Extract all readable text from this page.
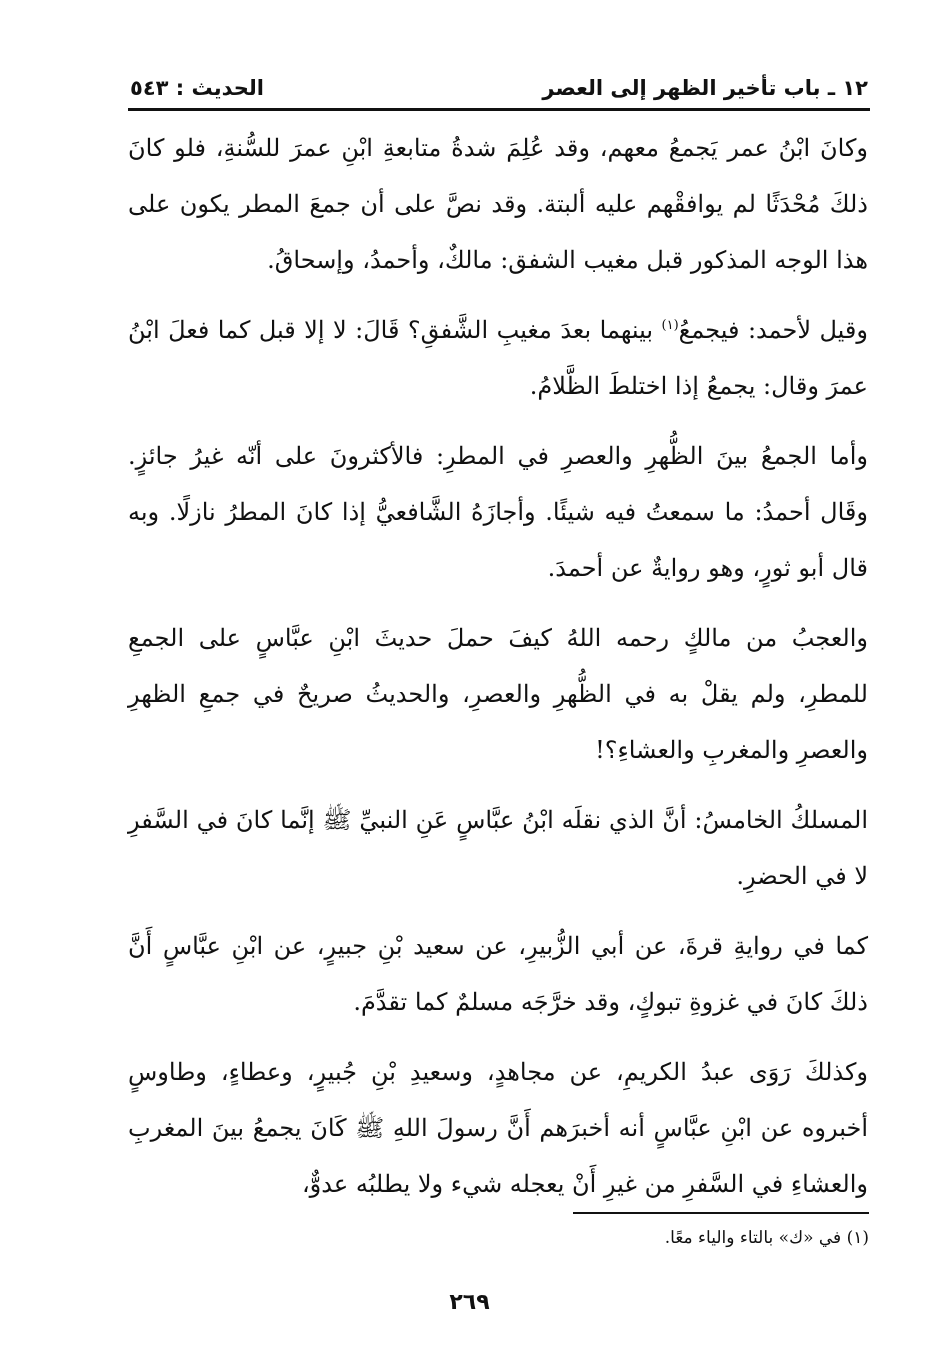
١٢ ـ باب تأخير الظهر إلى العصر
الحديث : ٥٤٣

وكانَ ابْنُ عمر يَجمعُ معهم، وقد عُلِمَ شدةُ متابعةِ ابْنِ عمرَ للسُّنةِ، فلو كانَ ذلكَ مُحْدَثًا لم يوافقْهم عليه ألبتة. وقد نصَّ على أن جمعَ المطر يكون على هذا الوجه المذكور قبل مغيب الشفق: مالكٌ، وأحمدُ، وإسحاقُ.

وقيل لأحمد: فيجمعُ$^{(١)}$ بينهما بعدَ مغيبِ الشَّفقِ؟ قَالَ: لا إلا قبل كما فعلَ ابْنُ عمرَ وقال: يجمعُ إذا اختلطَ الظَّلامُ.

وأما الجمعُ بينَ الظُّهرِ والعصرِ في المطرِ: فالأكثرونَ على أنّه غيرُ جائزٍ. وقَال أحمدُ: ما سمعتُ فيه شيئًا. وأجازَهُ الشَّافعيُّ إذا كانَ المطرُ نازلًا. وبه قال أبو ثورٍ، وهو روايةٌ عن أحمدَ.

والعجبُ من مالكٍ رحمه اللهُ كيفَ حملَ حديثَ ابْنِ عبَّاسٍ على الجمعِ للمطرِ، ولم يقلْ به في الظُّهرِ والعصرِ، والحديثُ صريحٌ في جمعِ الظهرِ والعصرِ والمغربِ والعشاءِ؟!

المسلكُ الخامسُ: أنَّ الذي نقلَه ابْنُ عبَّاسٍ عَنِ النبيِّ ﷺ إنَّما كانَ في السَّفرِ لا في الحضرِ.

كما في روايةِ قرةَ، عن أبي الزُّبيرِ، عن سعيد بْنِ جبيرٍ، عن ابْنِ عبَّاسٍ أَنَّ ذلكَ كانَ في غزوةِ تبوكٍ، وقد خرَّجَه مسلمٌ كما تقدَّمَ.

وكذلكَ رَوَى عبدُ الكريمِ، عن مجاهدٍ، وسعيدِ بْنِ جُبيرٍ، وعطاءٍ، وطاوسٍ أخبروه عن ابْنِ عبَّاسٍ أنه أخبرَهم أَنَّ رسولَ اللهِ ﷺ كَانَ يجمعُ بينَ المغربِ والعشاءِ في السَّفرِ من غيرِ أَنْ يعجله شيء ولا يطلبُه عدوٌّ،

(١) في «ك» بالتاء والياء معًا.
٢٦٩
